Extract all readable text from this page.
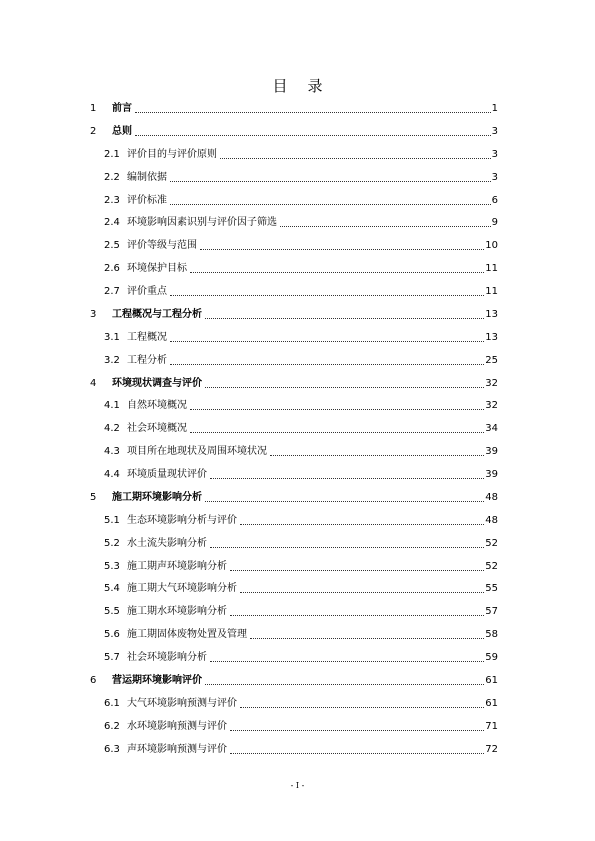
目录
1 前言	1
2 总则	3
2.1 评价目的与评价原则	3
2.2 编制依据	3
2.3 评价标准	6
2.4 环境影响因素识别与评价因子筛选	9
2.5 评价等级与范围	10
2.6 环境保护目标	11
2.7 评价重点	11
3 工程概况与工程分析	13
3.1 工程概况	13
3.2 工程分析	25
4 环境现状调查与评价	32
4.1 自然环境概况	32
4.2 社会环境概况	34
4.3 项目所在地现状及周围环境状况	39
4.4 环境质量现状评价	39
5 施工期环境影响分析	48
5.1 生态环境影响分析与评价	48
5.2 水土流失影响分析	52
5.3 施工期声环境影响分析	52
5.4 施工期大气环境影响分析	55
5.5 施工期水环境影响分析	57
5.6 施工期固体废物处置及管理	58
5.7 社会环境影响分析	59
6 营运期环境影响评价	61
6.1 大气环境影响预测与评价	61
6.2 水环境影响预测与评价	71
6.3 声环境影响预测与评价	72
- I -
